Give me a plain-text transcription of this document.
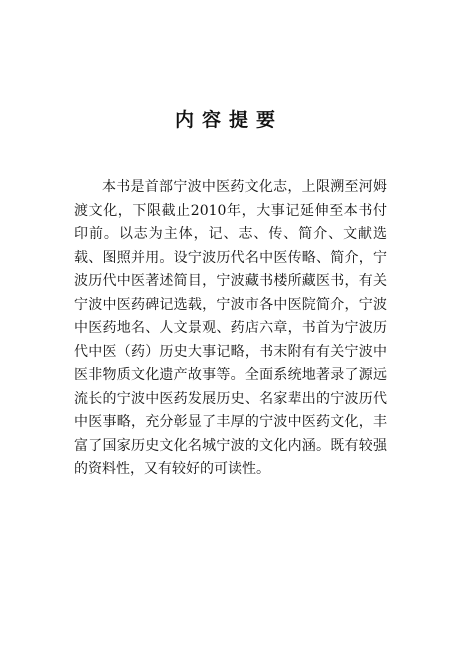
内容提要
本书是首部宁波中医药文化志，上限溯至河姆
渡文化，下限截止2010年，大事记延伸至本书付
印前。以志为主体，记、志、传、简介、文献选
载、图照并用。设宁波历代名中医传略、简介，宁
波历代中医著述简目，宁波藏书楼所藏医书，有关
宁波中医药碑记选载，宁波市各中医院简介，宁波
中医药地名、人文景观、药店六章，书首为宁波历
代中医（药）历史大事记略，书末附有有关宁波中
医非物质文化遗产故事等。全面系统地著录了源远
流长的宁波中医药发展历史、名家辈出的宁波历代
中医事略，充分彰显了丰厚的宁波中医药文化，丰
富了国家历史文化名城宁波的文化内涵。既有较强
的资料性，又有较好的可读性。
